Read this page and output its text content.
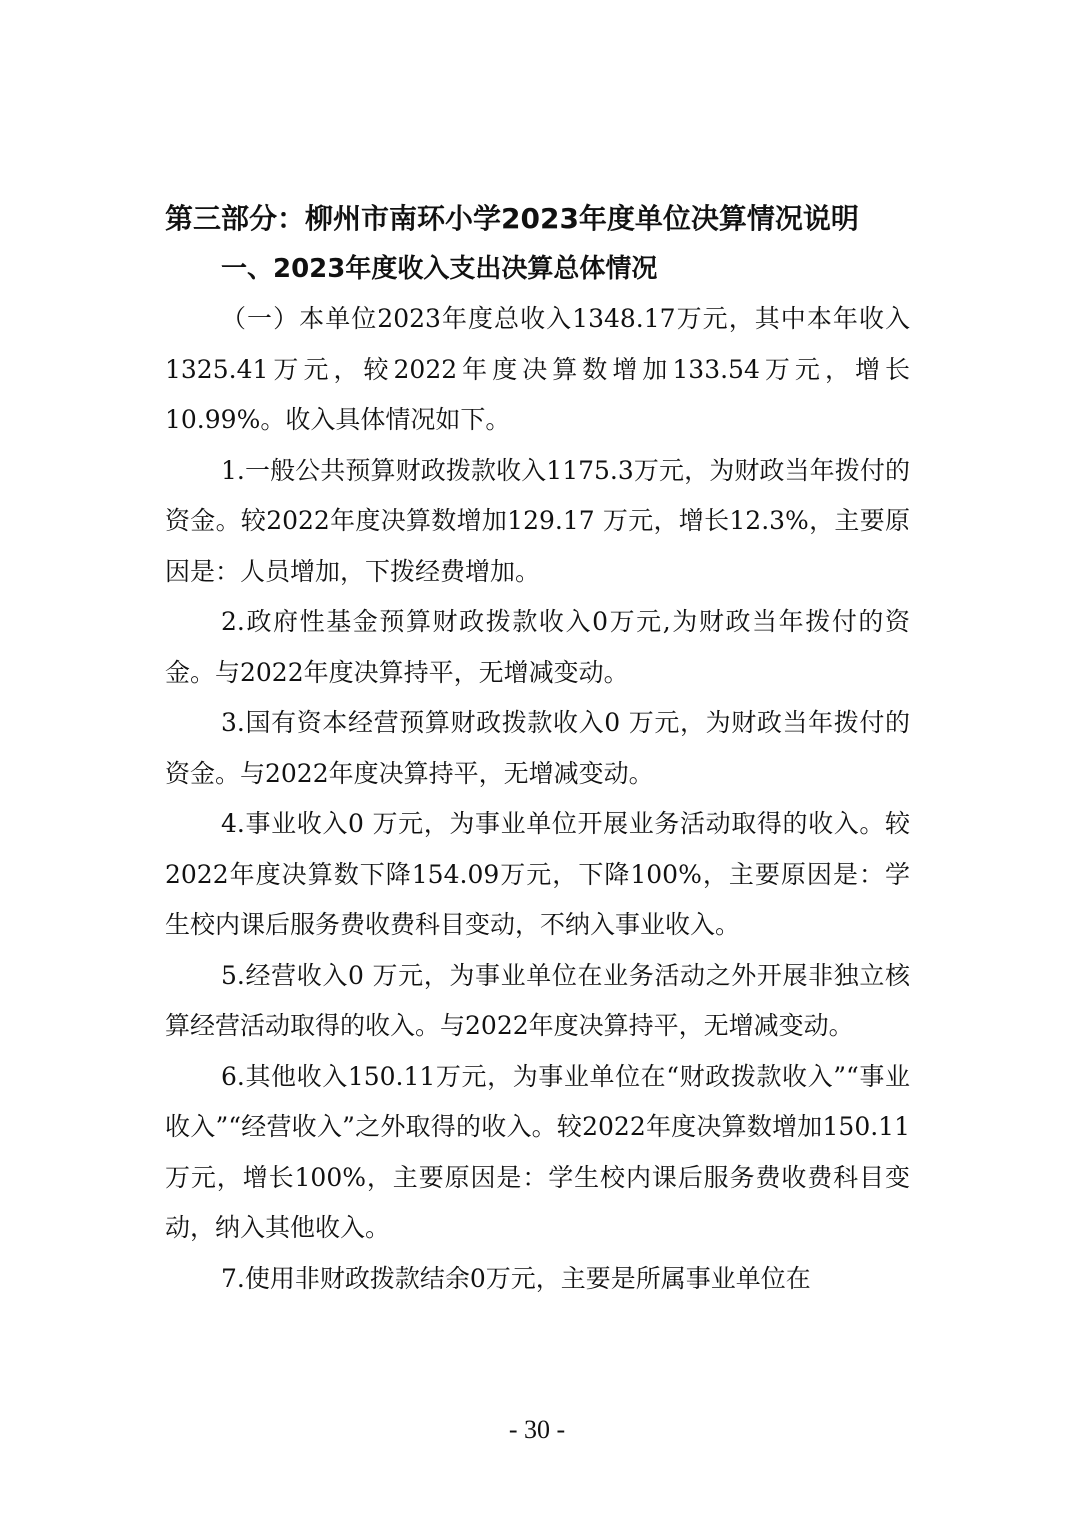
第三部分：柳州市南环小学2023年度单位决算情况说明
一、2023年度收入支出决算总体情况

（一）本单位2023年度总收入1348.17万元，其中本年收入1325.41万元，较2022年度决算数增加133.54万元，增长10.99%。收入具体情况如下。

1.一般公共预算财政拨款收入1175.3万元，为财政当年拨付的资金。较2022年度决算数增加129.17 万元，增长12.3%，主要原因是：人员增加，下拨经费增加。

2.政府性基金预算财政拨款收入0万元,为财政当年拨付的资金。与2022年度决算持平，无增减变动。

3.国有资本经营预算财政拨款收入0 万元，为财政当年拨付的资金。与2022年度决算持平，无增减变动。

4.事业收入0 万元，为事业单位开展业务活动取得的收入。较2022年度决算数下降154.09万元，下降100%，主要原因是：学生校内课后服务费收费科目变动，不纳入事业收入。

5.经营收入0 万元，为事业单位在业务活动之外开展非独立核算经营活动取得的收入。与2022年度决算持平，无增减变动。

6.其他收入150.11万元，为事业单位在“财政拨款收入”“事业收入”“经营收入”之外取得的收入。较2022年度决算数增加150.11 万元，增长100%，主要原因是：学生校内课后服务费收费科目变动，纳入其他收入。

7.使用非财政拨款结余0万元，主要是所属事业单位在

- 30 -
